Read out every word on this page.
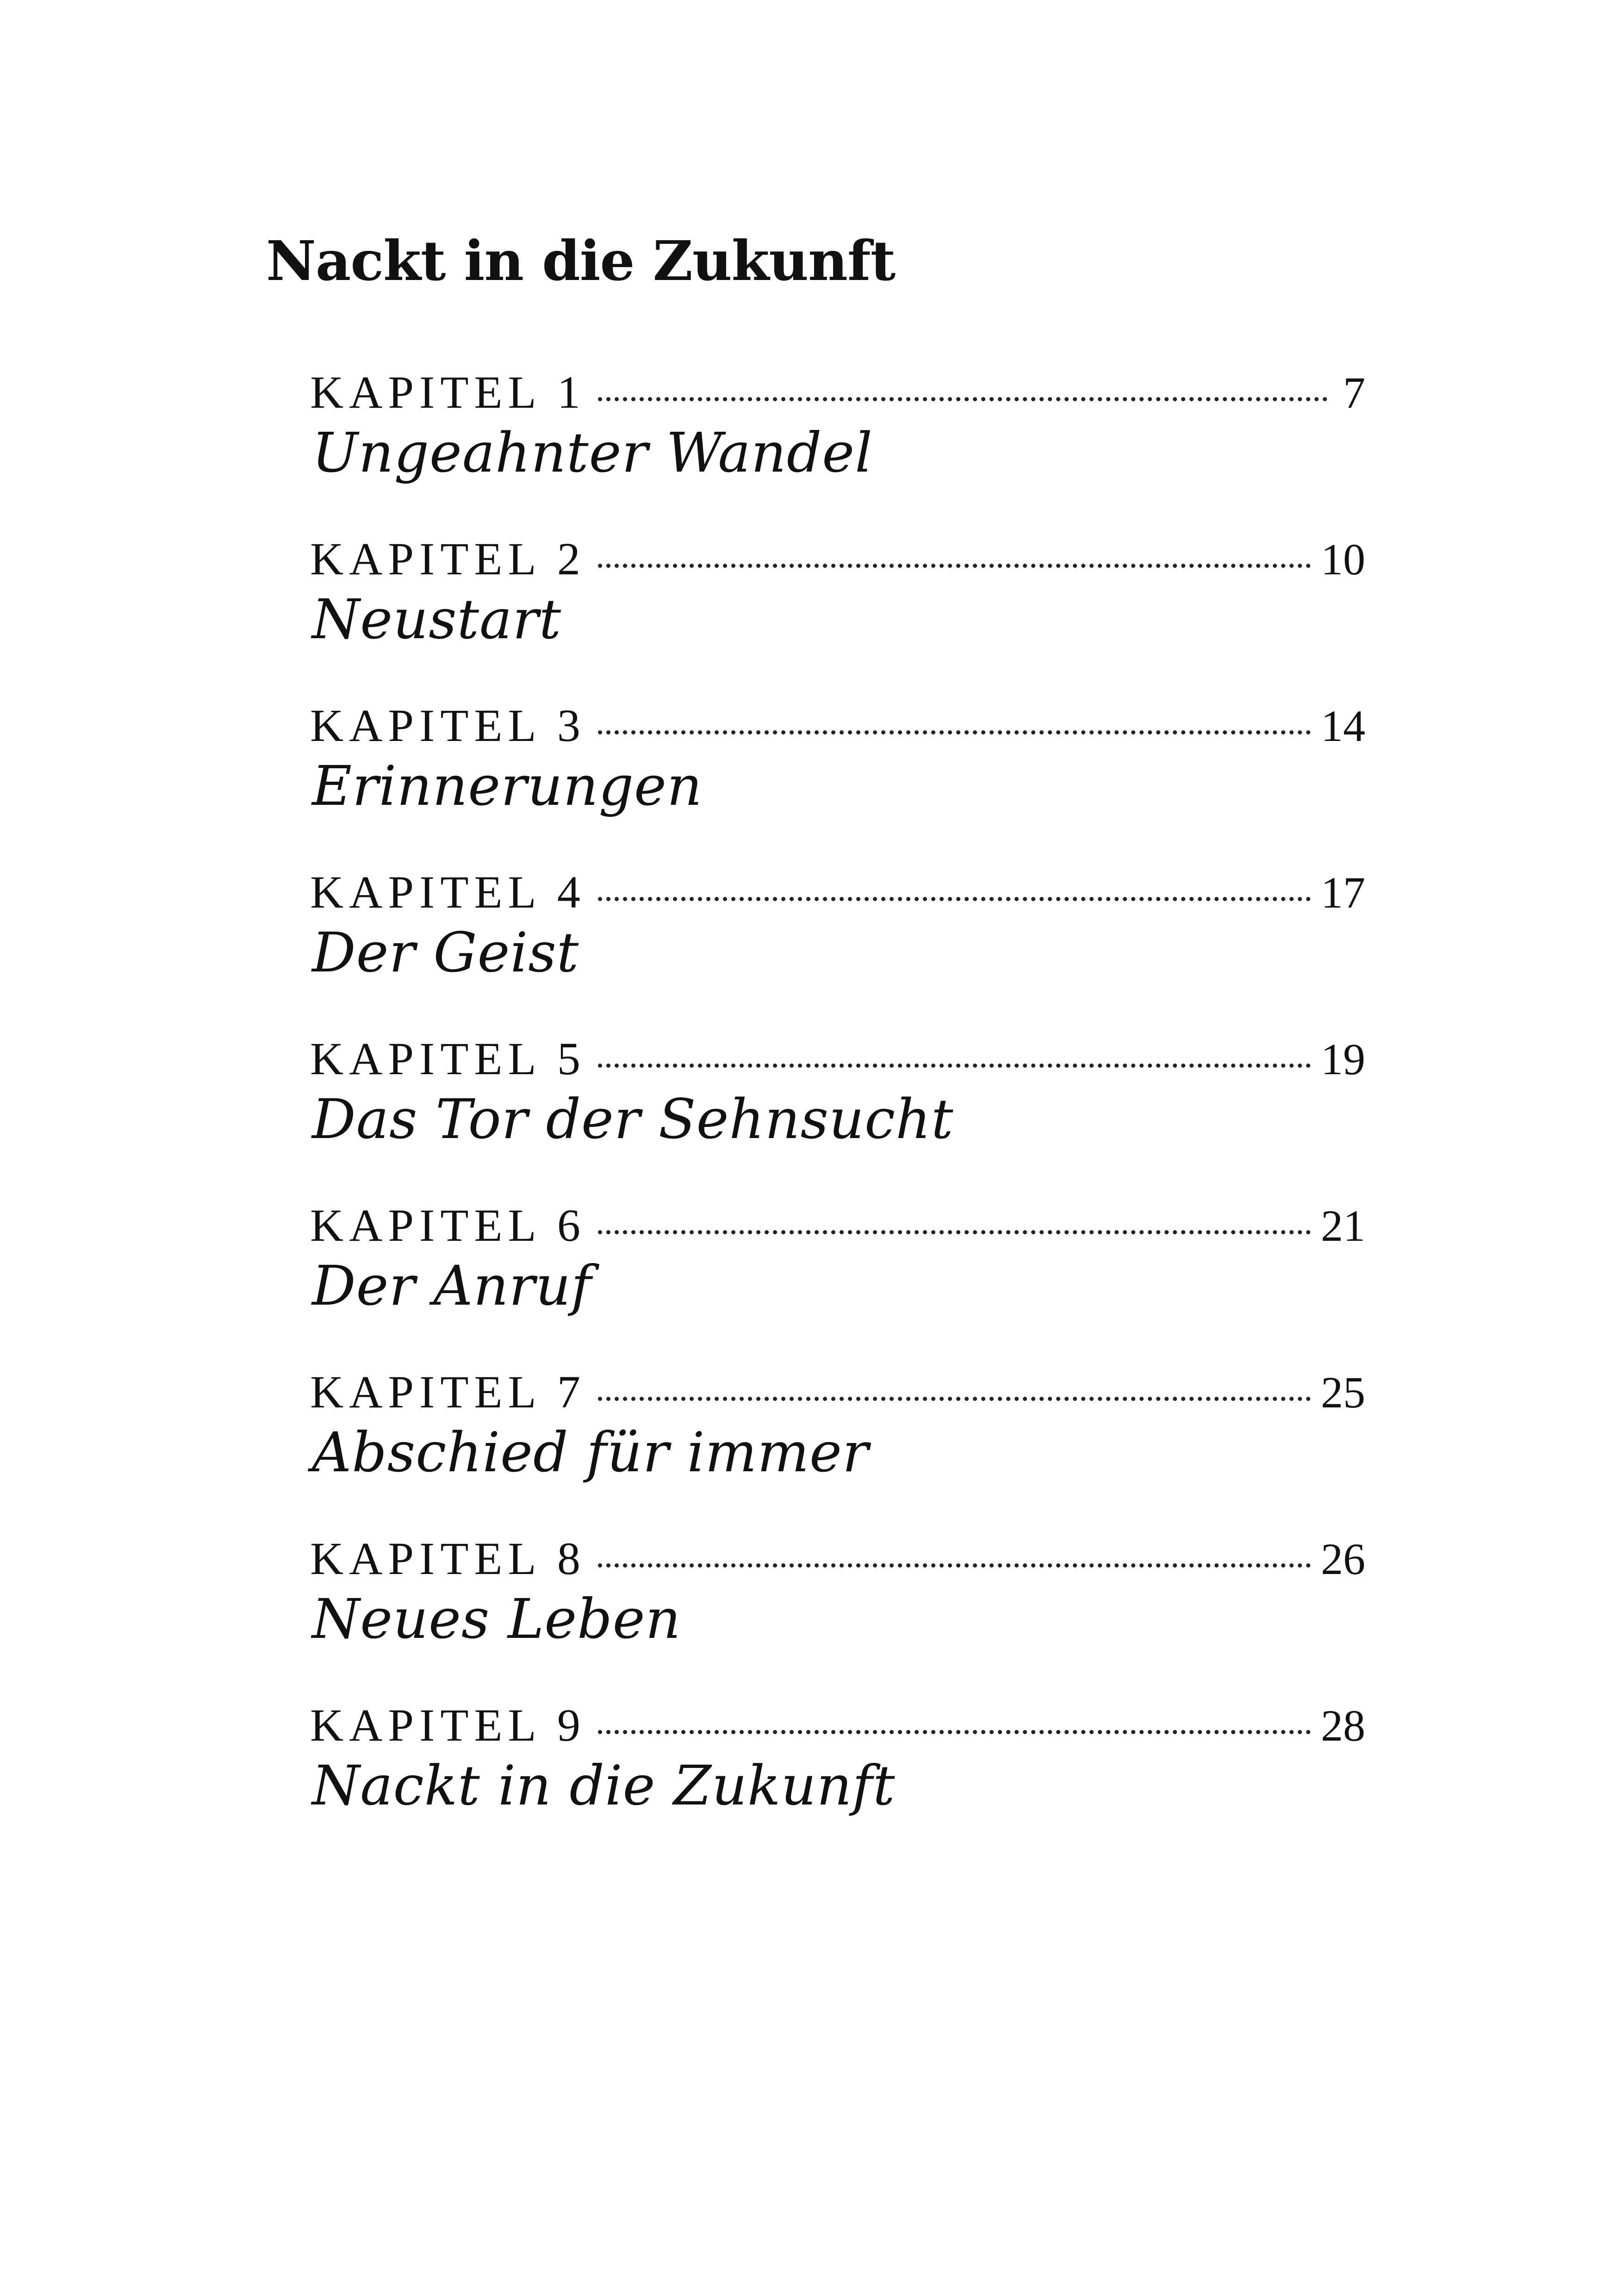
Nackt in die Zukunft
KAPITEL 1	7
Ungeahnter Wandel
KAPITEL 2	10
Neustart
KAPITEL 3	14
Erinnerungen
KAPITEL 4	17
Der Geist
KAPITEL 5	19
Das Tor der Sehnsucht
KAPITEL 6	21
Der Anruf
KAPITEL 7	25
Abschied für immer
KAPITEL 8	26
Neues Leben
KAPITEL 9	28
Nackt in die Zukunft
